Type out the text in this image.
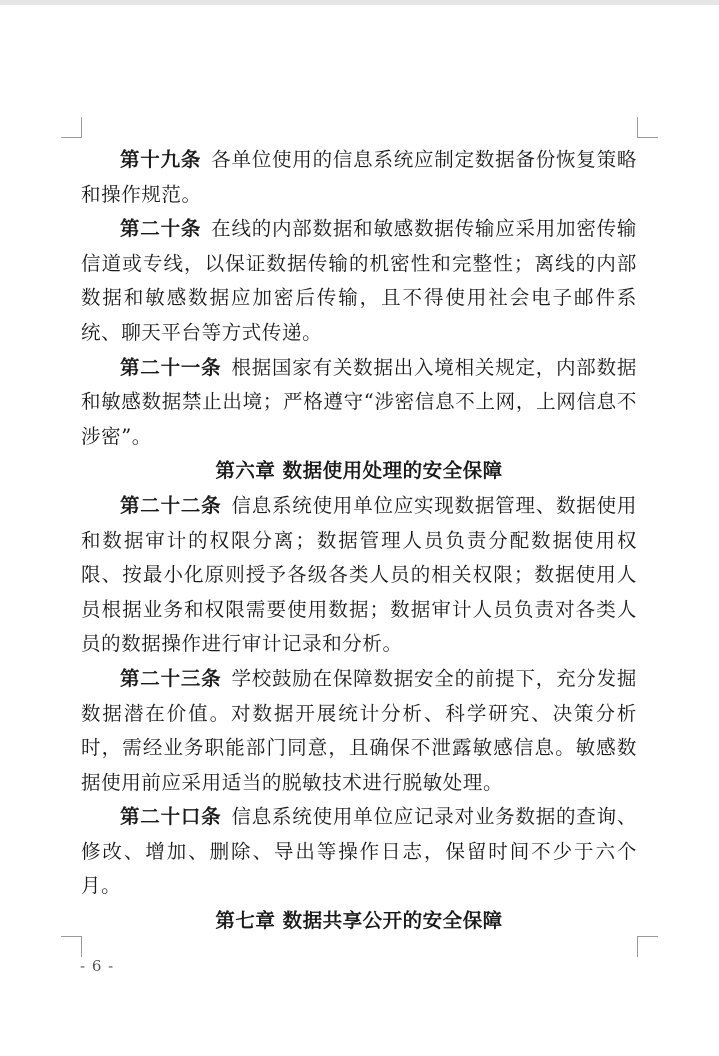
第十九条 各单位使用的信息系统应制定数据备份恢复策略和操作规范。

第二十条 在线的内部数据和敏感数据传输应采用加密传输信道或专线，以保证数据传输的机密性和完整性；离线的内部数据和敏感数据应加密后传输，且不得使用社会电子邮件系统、聊天平台等方式传递。

第二十一条 根据国家有关数据出入境相关规定，内部数据和敏感数据禁止出境；严格遵守“涉密信息不上网，上网信息不涉密”。

第六章 数据使用处理的安全保障

第二十二条 信息系统使用单位应实现数据管理、数据使用和数据审计的权限分离；数据管理人员负责分配数据使用权限、按最小化原则授予各级各类人员的相关权限；数据使用人员根据业务和权限需要使用数据；数据审计人员负责对各类人员的数据操作进行审计记录和分析。

第二十三条 学校鼓励在保障数据安全的前提下，充分发掘数据潜在价值。对数据开展统计分析、科学研究、决策分析时，需经业务职能部门同意，且确保不泄露敏感信息。敏感数据使用前应采用适当的脱敏技术进行脱敏处理。

第二十口条 信息系统使用单位应记录对业务数据的查询、修改、增加、删除、导出等操作日志，保留时间不少于六个月。

第七章 数据共享公开的安全保障

- 6 -
